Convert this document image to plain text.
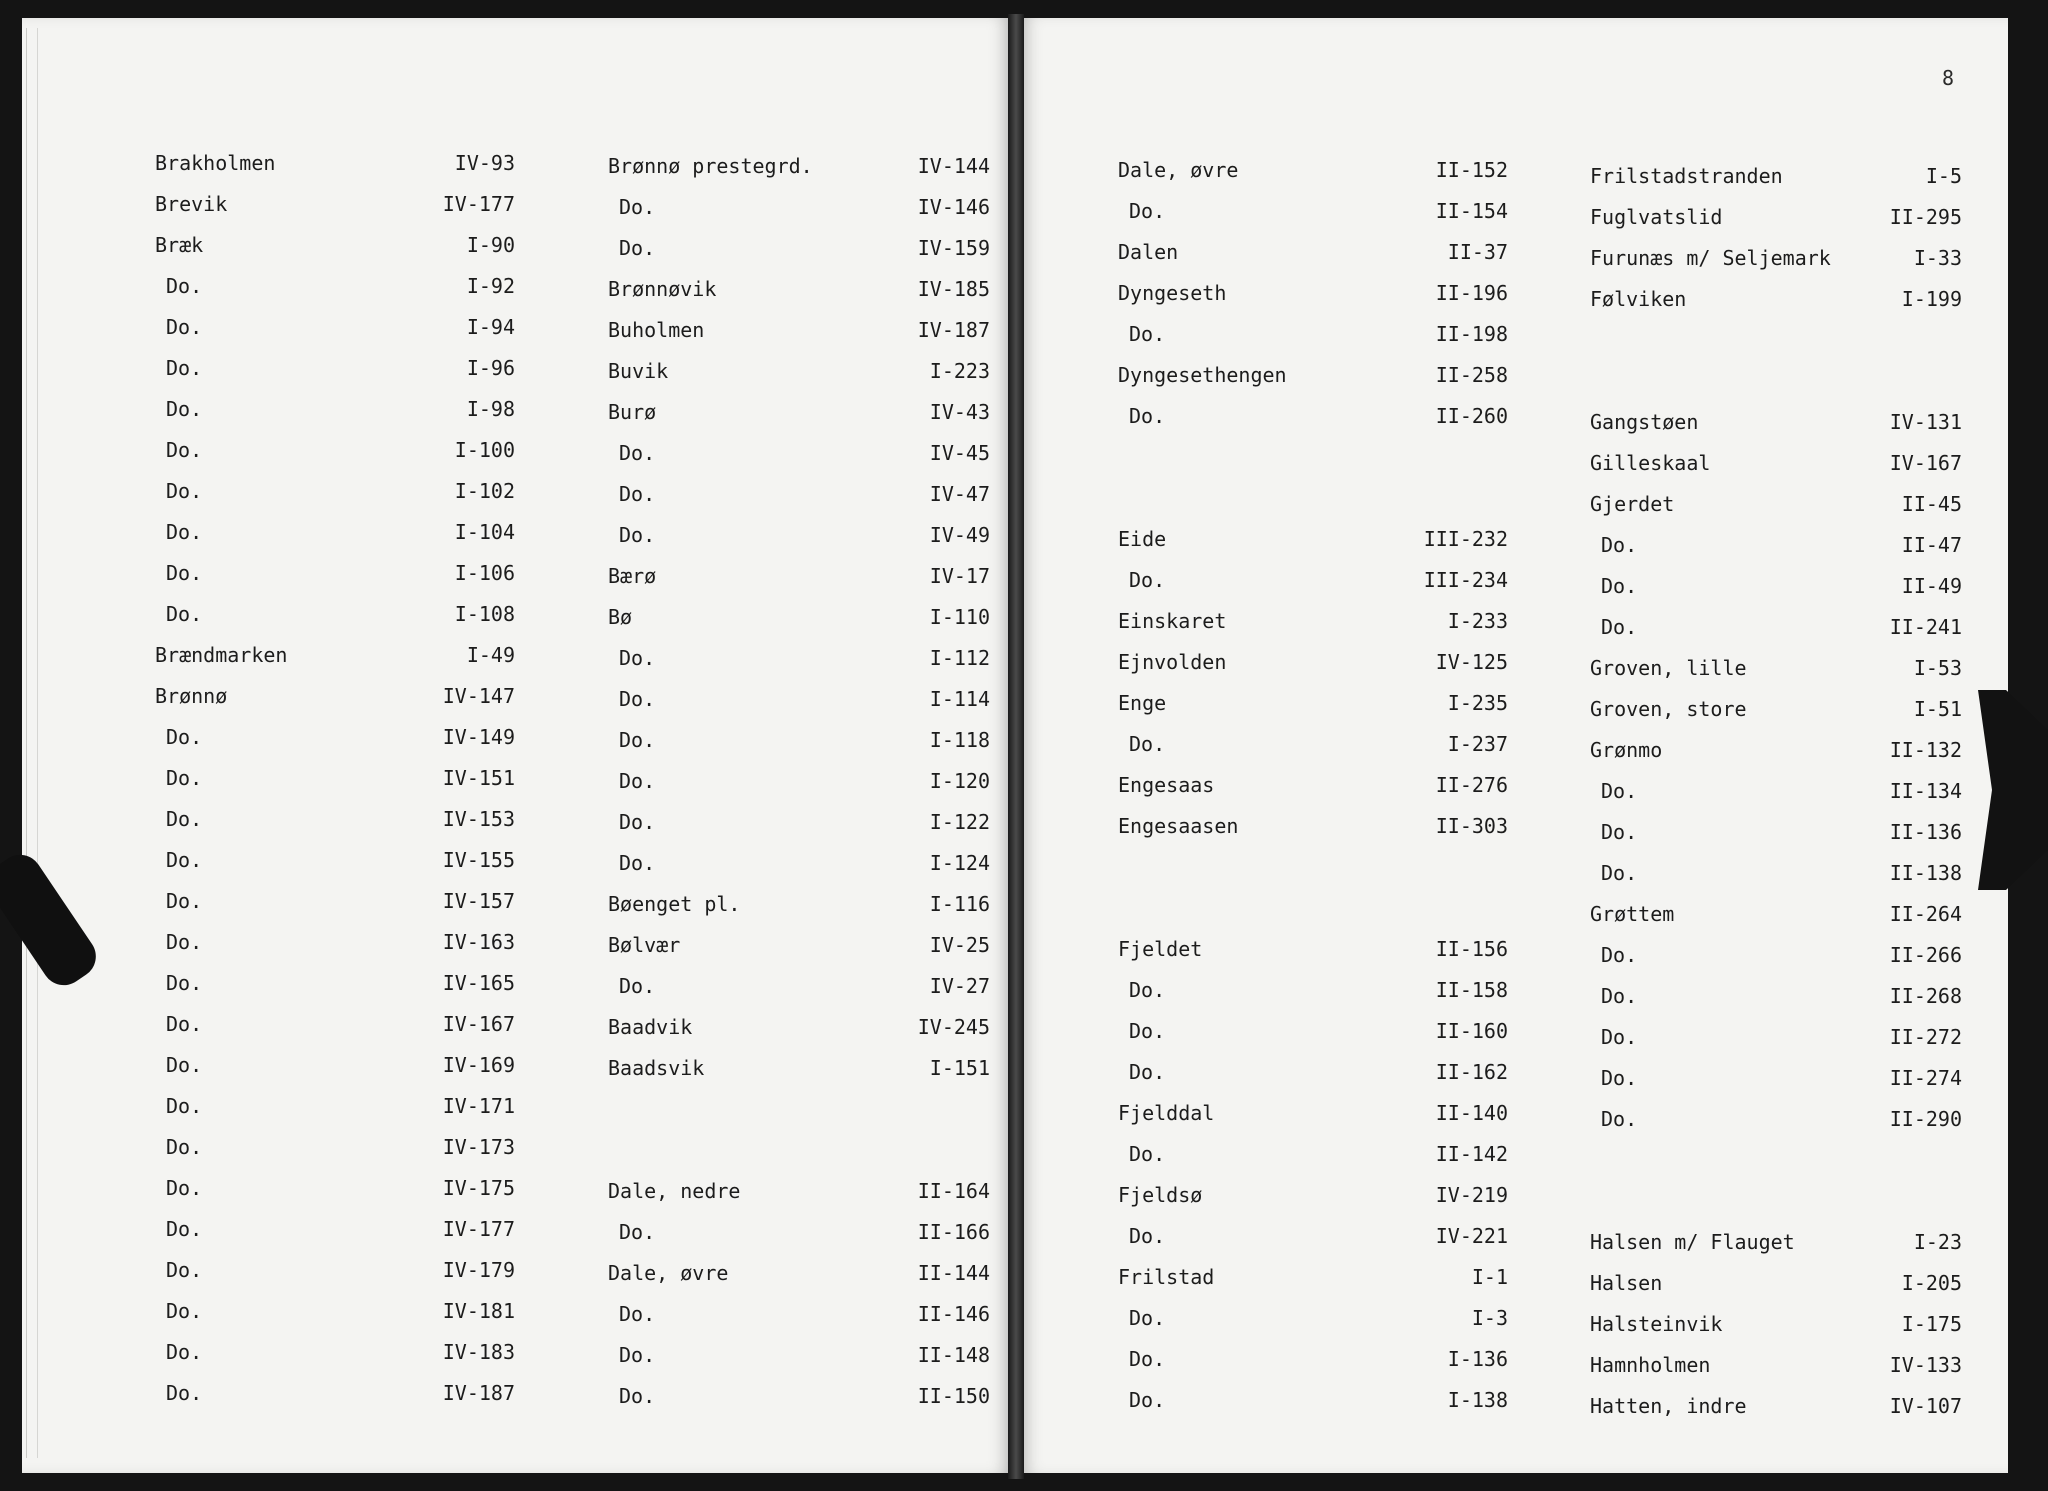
8
Brakholmen	IV-93
Brevik	IV-177
Bræk	I-90
Do.	I-92
Do.	I-94
Do.	I-96
Do.	I-98
Do.	I-100
Do.	I-102
Do.	I-104
Do.	I-106
Do.	I-108
Brændmarken	I-49
Brønnø	IV-147
Do.	IV-149
Do.	IV-151
Do.	IV-153
Do.	IV-155
Do.	IV-157
Do.	IV-163
Do.	IV-165
Do.	IV-167
Do.	IV-169
Do.	IV-171
Do.	IV-173
Do.	IV-175
Do.	IV-177
Do.	IV-179
Do.	IV-181
Do.	IV-183
Do.	IV-187
Brønnø prestegrd.	IV-144
Do.	IV-146
Do.	IV-159
Brønnøvik	IV-185
Buholmen	IV-187
Buvik	I-223
Burø	IV-43
Do.	IV-45
Do.	IV-47
Do.	IV-49
Bærø	IV-17
Bø	I-110
Do.	I-112
Do.	I-114
Do.	I-118
Do.	I-120
Do.	I-122
Do.	I-124
Bøenget pl.	I-116
Bølvær	IV-25
Do.	IV-27
Baadvik	IV-245
Baadsvik	I-151
Dale, nedre	II-164
Do.	II-166
Dale, øvre	II-144
Do.	II-146
Do.	II-148
Do.	II-150
Dale, øvre	II-152
Do.	II-154
Dalen	II-37
Dyngeseth	II-196
Do.	II-198
Dyngesethengen	II-258
Do.	II-260
Eide	III-232
Do.	III-234
Einskaret	I-233
Ejnvolden	IV-125
Enge	I-235
Do.	I-237
Engesaas	II-276
Engesaasen	II-303
Fjeldet	II-156
Do.	II-158
Do.	II-160
Do.	II-162
Fjelddal	II-140
Do.	II-142
Fjeldsø	IV-219
Do.	IV-221
Frilstad	I-1
Do.	I-3
Do.	I-136
Do.	I-138
Frilstadstranden	I-5
Fuglvatslid	II-295
Furunæs m/ Seljemark	I-33
Følviken	I-199
Gangstøen	IV-131
Gilleskaal	IV-167
Gjerdet	II-45
Do.	II-47
Do.	II-49
Do.	II-241
Groven, lille	I-53
Groven, store	I-51
Grønmo	II-132
Do.	II-134
Do.	II-136
Do.	II-138
Grøttem	II-264
Do.	II-266
Do.	II-268
Do.	II-272
Do.	II-274
Do.	II-290
Halsen m/ Flauget	I-23
Halsen	I-205
Halsteinvik	I-175
Hamnholmen	IV-133
Hatten, indre	IV-107
